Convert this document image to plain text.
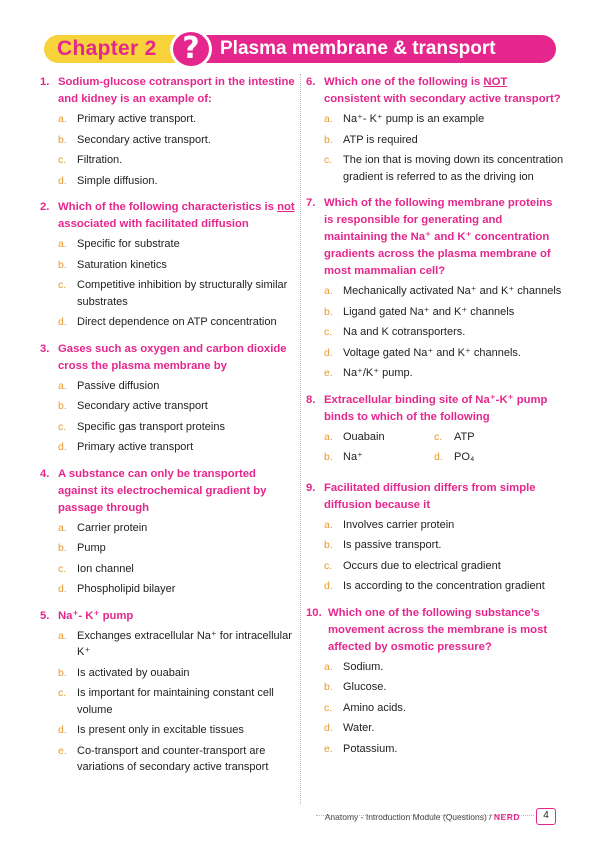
Chapter 2	Plasma membrane & transport
?
1. Sodium-glucose cotransport in the intestine and kidney is an example of:
a. Primary active transport.
b. Secondary active transport.
c. Filtration.
d. Simple diffusion.
2. Which of the following characteristics is not associated with facilitated diffusion
a. Specific for substrate
b. Saturation kinetics
c. Competitive inhibition by structurally similar substrates
d. Direct dependence on ATP concentration
3. Gases such as oxygen and carbon dioxide cross the plasma membrane by
a. Passive diffusion
b. Secondary active transport
c. Specific gas transport proteins
d. Primary active transport
4. A substance can only be transported against its electrochemical gradient by passage through
a. Carrier protein
b. Pump
c. Ion channel
d. Phospholipid bilayer
5. Na⁺- K⁺ pump
a. Exchanges extracellular Na⁺ for intracellular K⁺
b. Is activated by ouabain
c. Is important for maintaining constant cell volume
d. Is present only in excitable tissues
e. Co-transport and counter-transport are variations of secondary active transport
6. Which one of the following is NOT consistent with secondary active transport?
a. Na⁺- K⁺ pump is an example
b. ATP is required
c. The ion that is moving down its concentration gradient is referred to as the driving ion
7. Which of the following membrane proteins is responsible for generating and maintaining the Na⁺ and K⁺ concentration gradients across the plasma membrane of most mammalian cell?
a. Mechanically activated Na⁺ and K⁺ channels
b. Ligand gated Na⁺ and K⁺ channels
c. Na and K cotransporters.
d. Voltage gated Na⁺ and K⁺ channels.
e. Na⁺/K⁺ pump.
8. Extracellular binding site of Na⁺-K⁺ pump binds to which of the following
a. Ouabain	c. ATP
b. Na⁺	d. PO₄
9. Facilitated diffusion differs from simple diffusion because it
a. Involves carrier protein
b. Is passive transport.
c. Occurs due to electrical gradient
d. Is according to the concentration gradient
10. Which one of the following substance’s movement across the membrane is most affected by osmotic pressure?
a. Sodium.
b. Glucose.
c. Amino acids.
d. Water.
e. Potassium.
Anatomy - Introduction Module (Questions) / NERD	4
